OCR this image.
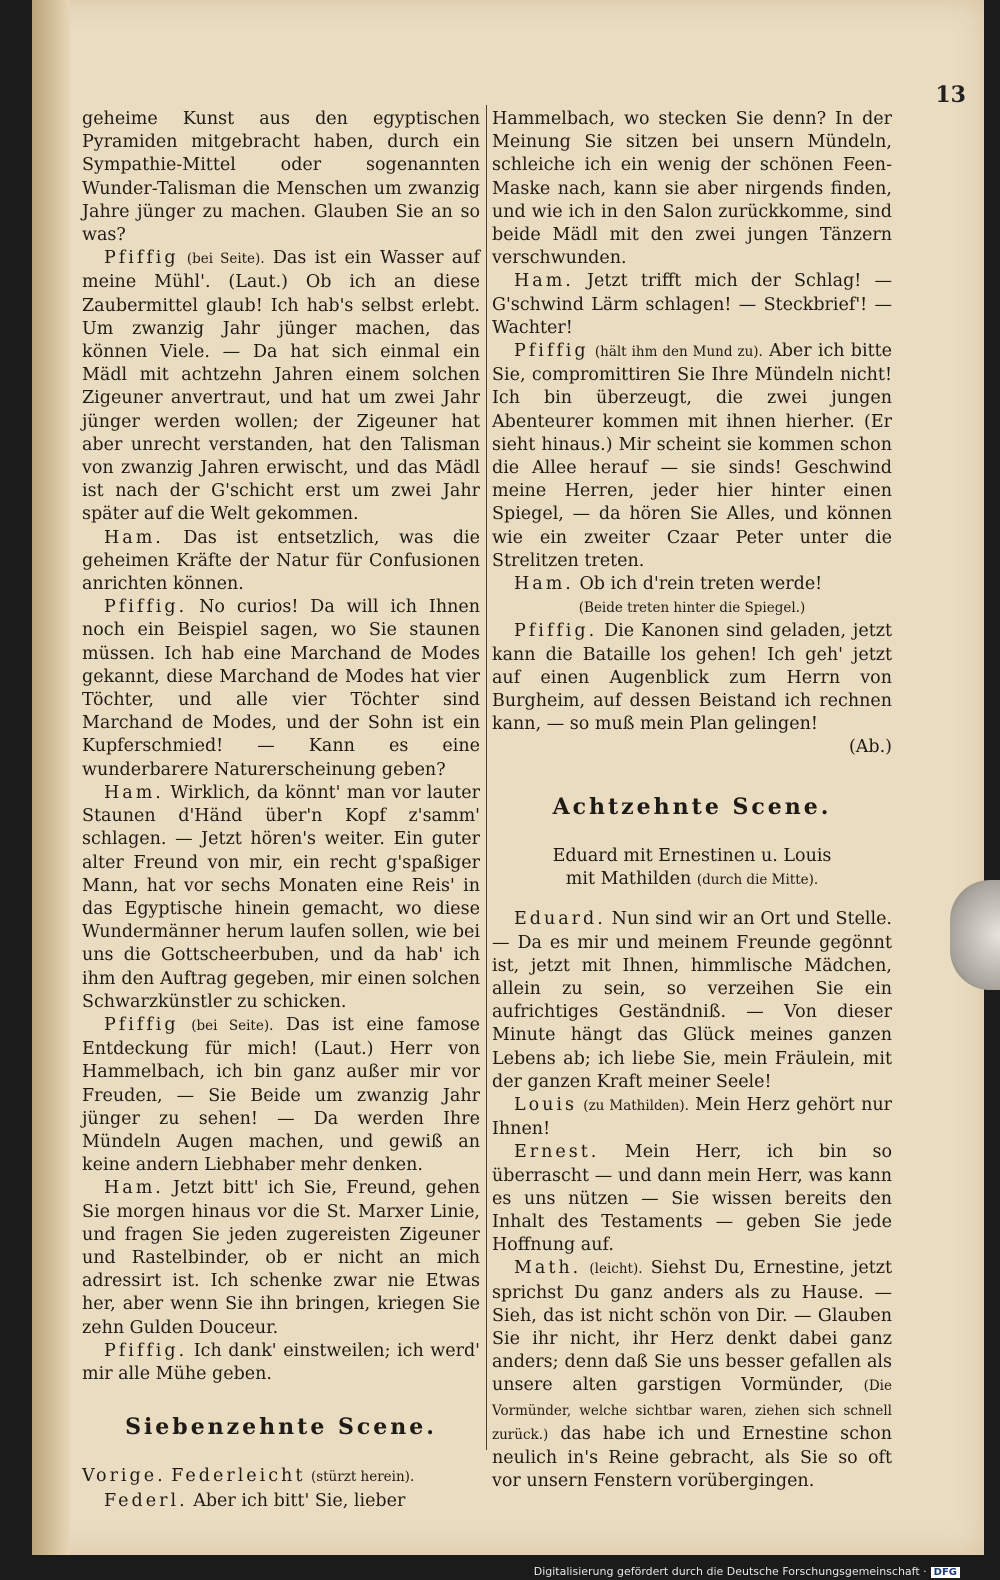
13

geheime Kunst aus den egyptischen Pyramiden mitgebracht haben, durch ein Sympathie-Mittel oder sogenannten Wunder-Talisman die Menschen um zwanzig Jahre jünger zu machen. Glauben Sie an so was?

Pfiffig (bei Seite). Das ist ein Wasser auf meine Mühl'. (Laut.) Ob ich an diese Zaubermittel glaub! Ich hab's selbst erlebt. Um zwanzig Jahr jünger machen, das können Viele. — Da hat sich einmal ein Mädl mit achtzehn Jahren einem solchen Zigeuner anvertraut, und hat um zwei Jahr jünger werden wollen; der Zigeuner hat aber unrecht verstanden, hat den Talisman von zwanzig Jahren erwischt, und das Mädl ist nach der G'schicht erst um zwei Jahr später auf die Welt gekommen.

Ham. Das ist entsetzlich, was die geheimen Kräfte der Natur für Confusionen anrichten können.

Pfiffig. No curios! Da will ich Ihnen noch ein Beispiel sagen, wo Sie staunen müssen. Ich hab eine Marchand de Modes gekannt, diese Marchand de Modes hat vier Töchter, und alle vier Töchter sind Marchand de Modes, und der Sohn ist ein Kupferschmied! — Kann es eine wunderbarere Naturerscheinung geben?

Ham. Wirklich, da könnt' man vor lauter Staunen d'Händ über'n Kopf z'samm' schlagen. — Jetzt hören's weiter. Ein guter alter Freund von mir, ein recht g'spaßiger Mann, hat vor sechs Monaten eine Reis' in das Egyptische hinein gemacht, wo diese Wundermänner herum laufen sollen, wie bei uns die Gottscheerbuben, und da hab' ich ihm den Auftrag gegeben, mir einen solchen Schwarzkünstler zu schicken.

Pfiffig (bei Seite). Das ist eine famose Entdeckung für mich! (Laut.) Herr von Hammelbach, ich bin ganz außer mir vor Freuden, — Sie Beide um zwanzig Jahr jünger zu sehen! — Da werden Ihre Mündeln Augen machen, und gewiß an keine andern Liebhaber mehr denken.

Ham. Jetzt bitt' ich Sie, Freund, gehen Sie morgen hinaus vor die St. Marxer Linie, und fragen Sie jeden zugereisten Zigeuner und Rastelbinder, ob er nicht an mich adressirt ist. Ich schenke zwar nie Etwas her, aber wenn Sie ihn bringen, kriegen Sie zehn Gulden Douceur.

Pfiffig. Ich dank' einstweilen; ich werd' mir alle Mühe geben.

Siebenzehnte Scene.

Vorige. Federleicht (stürzt herein).

Federl. Aber ich bitt' Sie, lieber

Hammelbach, wo stecken Sie denn? In der Meinung Sie sitzen bei unsern Mündeln, schleiche ich ein wenig der schönen Feen-Maske nach, kann sie aber nirgends finden, und wie ich in den Salon zurückkomme, sind beide Mädl mit den zwei jungen Tänzern verschwunden.

Ham. Jetzt trifft mich der Schlag! — G'schwind Lärm schlagen! — Steckbrief'! — Wachter!

Pfiffig (hält ihm den Mund zu). Aber ich bitte Sie, compromittiren Sie Ihre Mündeln nicht! Ich bin überzeugt, die zwei jungen Abenteurer kommen mit ihnen hierher. (Er sieht hinaus.) Mir scheint sie kommen schon die Allee herauf — sie sinds! Geschwind meine Herren, jeder hier hinter einen Spiegel, — da hören Sie Alles, und können wie ein zweiter Czaar Peter unter die Strelitzen treten.

Ham. Ob ich d'rein treten werde!

(Beide treten hinter die Spiegel.)

Pfiffig. Die Kanonen sind geladen, jetzt kann die Bataille los gehen! Ich geh' jetzt auf einen Augenblick zum Herrn von Burgheim, auf dessen Beistand ich rechnen kann, — so muß mein Plan gelingen!

(Ab.)

Achtzehnte Scene.
Eduard mit Ernestinen u. Louis
mit Mathilden (durch die Mitte).

Eduard. Nun sind wir an Ort und Stelle. — Da es mir und meinem Freunde gegönnt ist, jetzt mit Ihnen, himmlische Mädchen, allein zu sein, so verzeihen Sie ein aufrichtiges Geständniß. — Von dieser Minute hängt das Glück meines ganzen Lebens ab; ich liebe Sie, mein Fräulein, mit der ganzen Kraft meiner Seele!

Louis (zu Mathilden). Mein Herz gehört nur Ihnen!

Ernest. Mein Herr, ich bin so überrascht — und dann mein Herr, was kann es uns nützen — Sie wissen bereits den Inhalt des Testaments — geben Sie jede Hoffnung auf.

Math. (leicht). Siehst Du, Ernestine, jetzt sprichst Du ganz anders als zu Hause. — Sieh, das ist nicht schön von Dir. — Glauben Sie ihr nicht, ihr Herz denkt dabei ganz anders; denn daß Sie uns besser gefallen als unsere alten garstigen Vormünder, (Die Vormünder, welche sichtbar waren, ziehen sich schnell zurück.) das habe ich und Ernestine schon neulich in's Reine gebracht, als Sie so oft vor unsern Fenstern vorübergingen.

Digitalisierung gefördert durch die Deutsche Forschungsgemeinschaft · DFG
